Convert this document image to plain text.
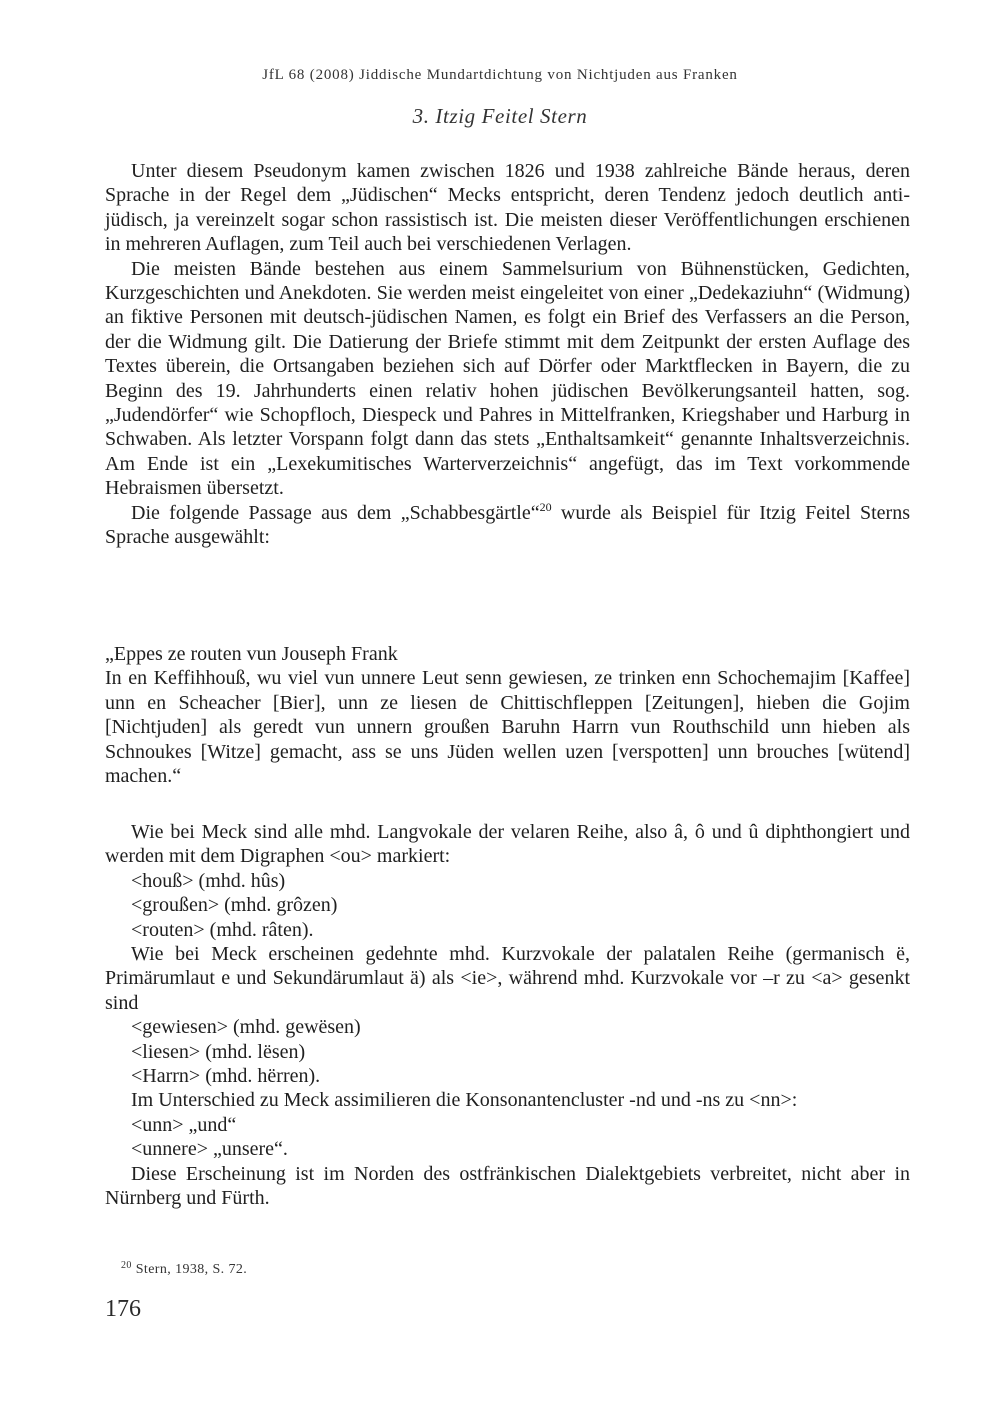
JfL 68 (2008) Jiddische Mundartdichtung von Nichtjuden aus Franken
3. Itzig Feitel Stern

Unter diesem Pseudonym kamen zwischen 1826 und 1938 zahlreiche Bände heraus, deren Sprache in der Regel dem „Jüdischen“ Mecks entspricht, deren Tendenz jedoch deutlich anti-jüdisch, ja vereinzelt sogar schon rassistisch ist. Die meisten dieser Veröffentlichungen erschienen in mehreren Auflagen, zum Teil auch bei verschiedenen Verlagen.

Die meisten Bände bestehen aus einem Sammelsurium von Bühnenstücken, Gedichten, Kurzgeschichten und Anekdoten. Sie werden meist eingeleitet von einer „Dedekaziuhn“ (Widmung) an fiktive Personen mit deutsch-jüdischen Namen, es folgt ein Brief des Verfassers an die Person, der die Widmung gilt. Die Datierung der Briefe stimmt mit dem Zeitpunkt der ersten Auflage des Textes überein, die Ortsangaben beziehen sich auf Dörfer oder Marktflecken in Bayern, die zu Beginn des 19. Jahrhunderts einen relativ hohen jüdischen Bevölkerungsanteil hatten, sog. „Judendörfer“ wie Schopfloch, Diespeck und Pahres in Mittelfranken, Kriegshaber und Harburg in Schwaben. Als letzter Vorspann folgt dann das stets „Enthaltsamkeit“ genannte Inhaltsverzeichnis. Am Ende ist ein „Lexekumitisches Warterverzeichnis“ angefügt, das im Text vorkommende Hebraismen übersetzt.

Die folgende Passage aus dem „Schabbesgärtle“$^{20}$ wurde als Beispiel für Itzig Feitel Sterns Sprache ausgewählt:

„Eppes ze routen vun Jouseph Frank

In en Keffihhouß, wu viel vun unnere Leut senn gewiesen, ze trinken enn Schochemajim [Kaffee] unn en Scheacher [Bier], unn ze liesen de Chittischfleppen [Zeitungen], hieben die Gojim [Nichtjuden] als geredt vun unnern groußen Baruhn Harrn vun Routhschild unn hieben als Schnoukes [Witze] gemacht, ass se uns Jüden wellen uzen [verspotten] unn brouches [wütend] machen.“

Wie bei Meck sind alle mhd. Langvokale der velaren Reihe, also â, ô und û diphthongiert und werden mit dem Digraphen <ou> markiert:

<houß> (mhd. hûs)

<groußen> (mhd. grôzen)

<routen> (mhd. râten).

Wie bei Meck erscheinen gedehnte mhd. Kurzvokale der palatalen Reihe (germanisch ë, Primärumlaut e und Sekundärumlaut ä) als <ie>, während mhd. Kurzvokale vor –r zu <a> gesenkt sind

<gewiesen> (mhd. gewësen)

<liesen> (mhd. lësen)

<Harrn> (mhd. hërren).

Im Unterschied zu Meck assimilieren die Konsonantencluster -nd und -ns zu <nn>:

<unn> „und“

<unnere> „unsere“.

Diese Erscheinung ist im Norden des ostfränkischen Dialektgebiets verbreitet, nicht aber in Nürnberg und Fürth.

$^{20}$ Stern, 1938, S. 72.
176
